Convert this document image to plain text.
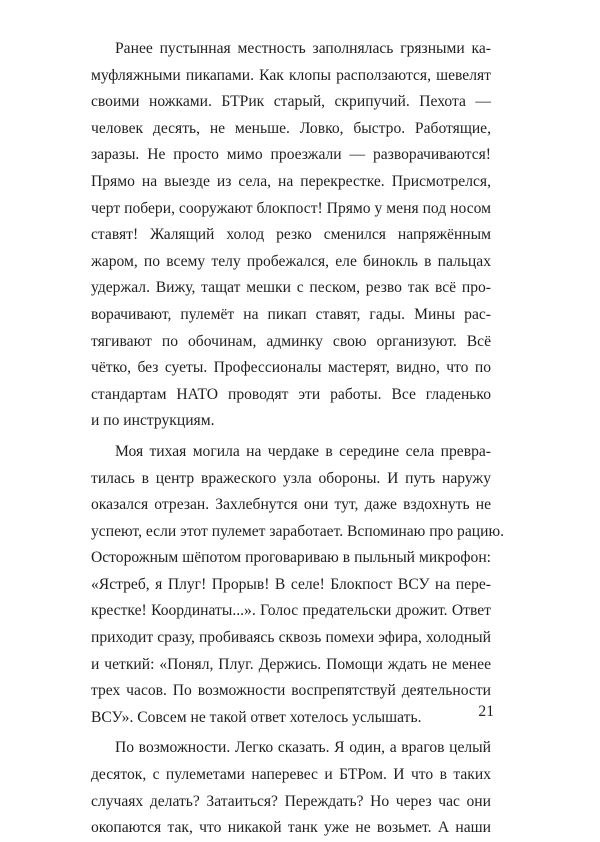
Ранее пустынная местность заполнялась грязными ка-
муфляжными пикапами. Как клопы расползаются, шевелят
своими ножками. БТРик старый, скрипучий. Пехота —
человек десять, не меньше. Ловко, быстро. Работящие,
заразы. Не просто мимо проезжали — разворачиваются!
Прямо на выезде из села, на перекрестке. Присмотрелся,
черт побери, сооружают блокпост! Прямо у меня под носом
ставят! Жалящий холод резко сменился напряжённым
жаром, по всему телу пробежался, еле бинокль в пальцах
удержал. Вижу, тащат мешки с песком, резво так всё про-
ворачивают, пулемёт на пикап ставят, гады. Мины рас-
тягивают по обочинам, админку свою организуют. Всё
чётко, без суеты. Профессионалы мастерят, видно, что по
стандартам НАТО проводят эти работы. Все гладенько
и по инструкциям.
Моя тихая могила на чердаке в середине села превра-
тилась в центр вражеского узла обороны. И путь наружу
оказался отрезан. Захлебнутся они тут, даже вздохнуть не
успеют, если этот пулемет заработает. Вспоминаю про рацию.
Осторожным шёпотом проговариваю в пыльный микрофон:
«Ястреб, я Плуг! Прорыв! В селе! Блокпост ВСУ на пере-
крестке! Координаты...». Голос предательски дрожит. Ответ
приходит сразу, пробиваясь сквозь помехи эфира, холодный
и четкий: «Понял, Плуг. Держись. Помощи ждать не менее
трех часов. По возможности воспрепятствуй деятельности
ВСУ». Совсем не такой ответ хотелось услышать.
По возможности. Легко сказать. Я один, а врагов целый
десяток, с пулеметами наперевес и БТРом. И что в таких
случаях делать? Затаиться? Переждать? Но через час они
окопаются так, что никакой танк уже не возьмет. А наши
21
